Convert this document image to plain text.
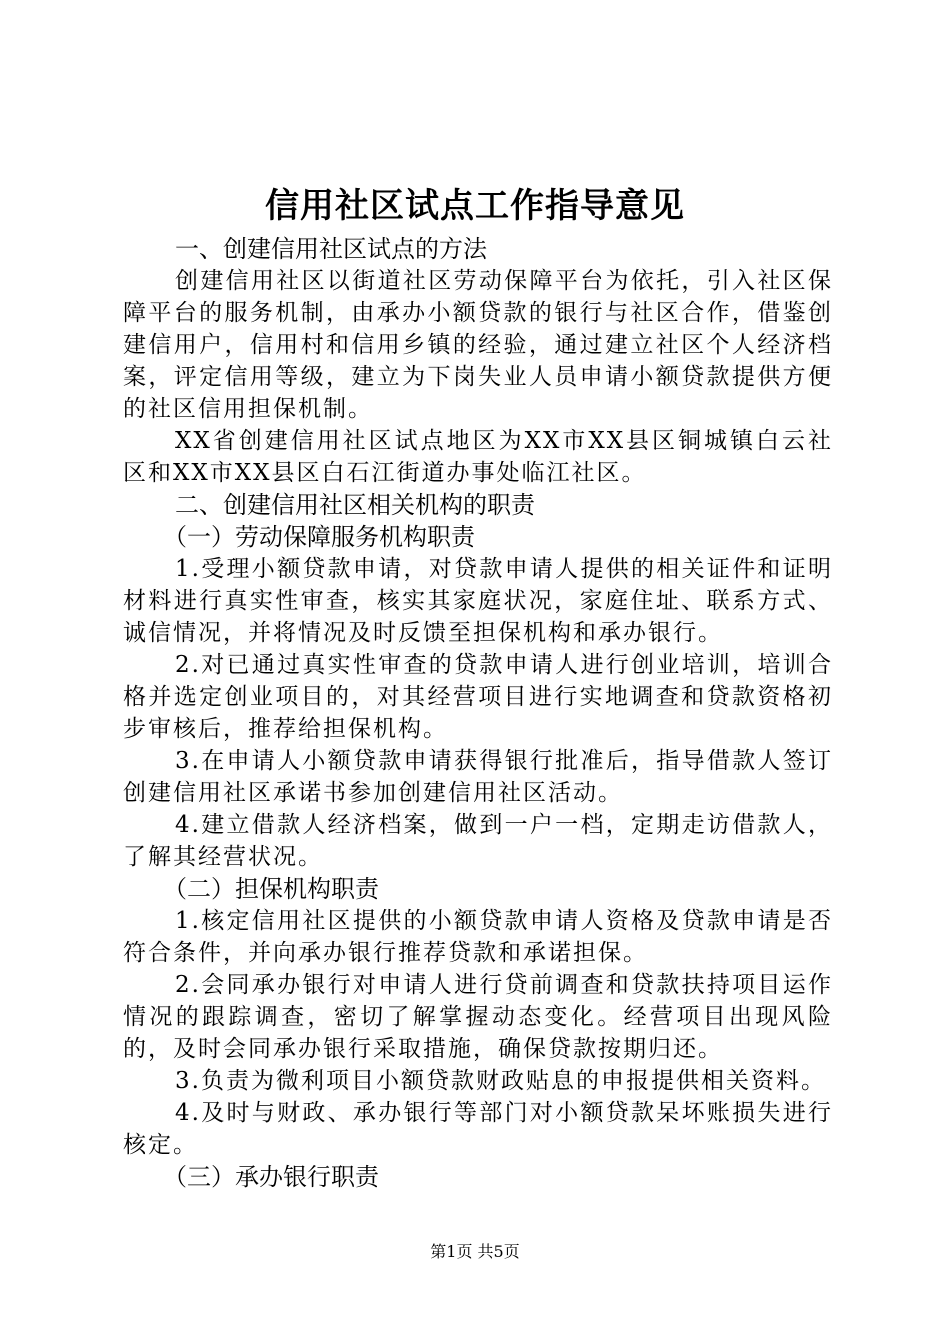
信用社区试点工作指导意见
一、创建信用社区试点的方法

创建信用社区以街道社区劳动保障平台为依托，引入社区保障平台的服务机制，由承办小额贷款的银行与社区合作，借鉴创建信用户，信用村和信用乡镇的经验，通过建立社区个人经济档案，评定信用等级，建立为下岗失业人员申请小额贷款提供方便的社区信用担保机制。

XX省创建信用社区试点地区为XX市XX县区铜城镇白云社区和XX市XX县区白石江街道办事处临江社区。

二、创建信用社区相关机构的职责
（一）劳动保障服务机构职责

1.受理小额贷款申请，对贷款申请人提供的相关证件和证明材料进行真实性审查，核实其家庭状况，家庭住址、联系方式、诚信情况，并将情况及时反馈至担保机构和承办银行。

2.对已通过真实性审查的贷款申请人进行创业培训，培训合格并选定创业项目的，对其经营项目进行实地调查和贷款资格初步审核后，推荐给担保机构。

3.在申请人小额贷款申请获得银行批准后，指导借款人签订创建信用社区承诺书参加创建信用社区活动。

4.建立借款人经济档案，做到一户一档，定期走访借款人，了解其经营状况。

（二）担保机构职责

1.核定信用社区提供的小额贷款申请人资格及贷款申请是否符合条件，并向承办银行推荐贷款和承诺担保。

2.会同承办银行对申请人进行贷前调查和贷款扶持项目运作情况的跟踪调查，密切了解掌握动态变化。经营项目出现风险的，及时会同承办银行采取措施，确保贷款按期归还。

3.负责为微利项目小额贷款财政贴息的申报提供相关资料。

4.及时与财政、承办银行等部门对小额贷款呆坏账损失进行核定。

（三）承办银行职责
第1页 共5页
